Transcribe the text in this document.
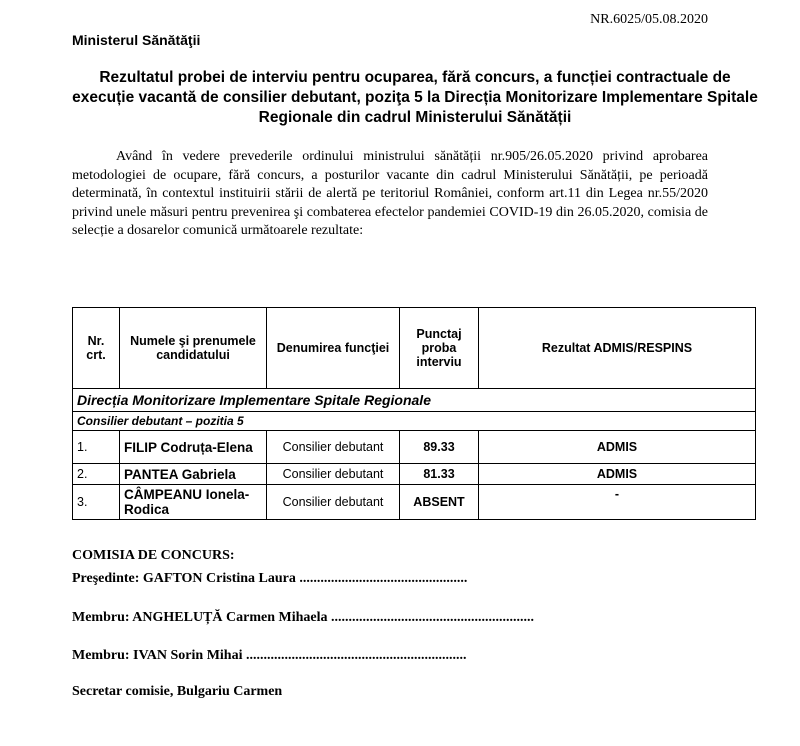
NR.6025/05.08.2020
Ministerul Sănătăţii
Rezultatul probei de interviu pentru ocuparea, fără concurs, a funcției contractuale de execuție vacantă de consilier debutant, poziţa 5 la Direcția Monitorizare Implementare Spitale Regionale din cadrul Ministerului Sănătății
Având în vedere prevederile ordinului ministrului sănătății nr.905/26.05.2020 privind aprobarea metodologiei de ocupare, fără concurs, a posturilor vacante din cadrul Ministerului Sănătății, pe perioadă determinată, în contextul instituirii stării de alertă pe teritoriul României, conform art.11 din Legea nr.55/2020 privind unele măsuri pentru prevenirea şi combaterea efectelor pandemiei COVID-19 din 26.05.2020, comisia de selecție a dosarelor comunică următoarele rezultate:
Nr. crt.	Numele şi prenumele candidatului	Denumirea funcţiei	Punctaj proba interviu	Rezultat ADMIS/RESPINS
Direcția Monitorizare Implementare Spitale Regionale				
Consilier debutant – pozitia 5				
1.	FILIP Codruța-Elena	Consilier debutant	89.33	ADMIS
2.	PANTEA Gabriela	Consilier debutant	81.33	ADMIS
3.	CÂMPEANU Ionela-Rodica	Consilier debutant	ABSENT	-
COMISIA DE CONCURS:
Preşedinte: GAFTON Cristina Laura ................................................
Membru: ANGHELUȚĂ Carmen Mihaela ..........................................................
Membru: IVAN Sorin Mihai ...............................................................
Secretar comisie, Bulgariu Carmen
